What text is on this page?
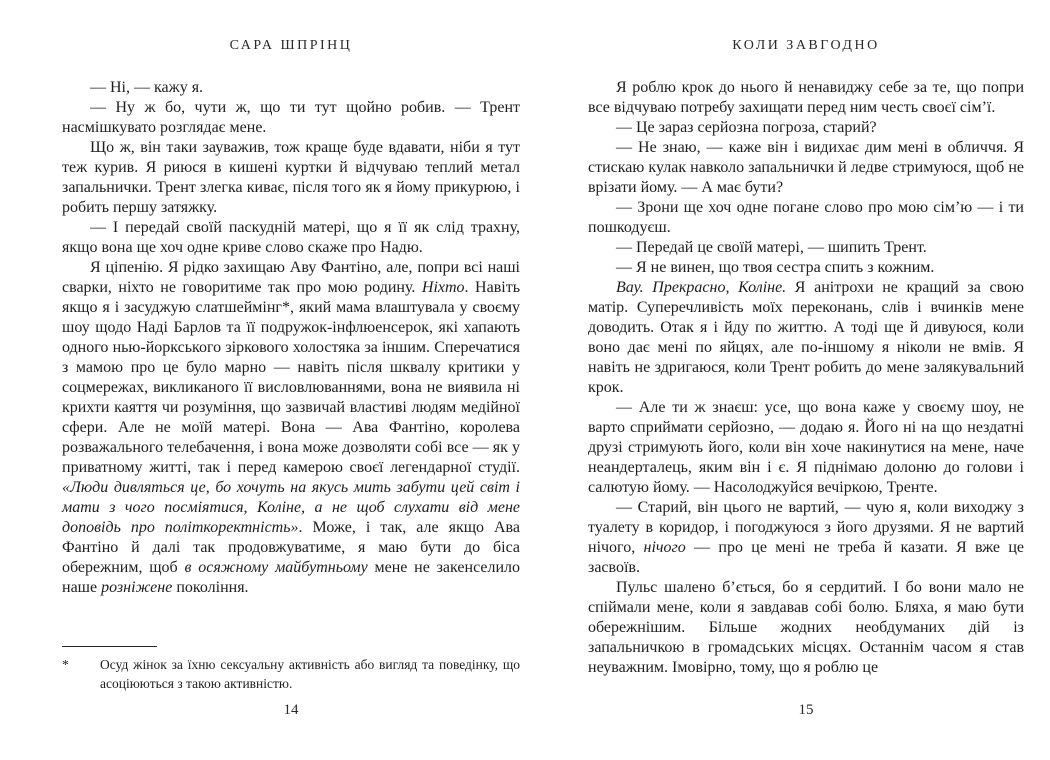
САРА ШПРІНЦ

— Ні, — кажу я.

— Ну ж бо, чути ж, що ти тут щойно робив. — Трент насмішкувато розглядає мене.

Що ж, він таки зауважив, тож краще буде вдавати, ніби я тут теж курив. Я риюся в кишені куртки й відчуваю теплий метал запальнички. Трент злегка киває, після того як я йому прикурюю, і робить першу затяжку.

— І передай своїй паскудній матері, що я її як слід трахну, якщо вона ще хоч одне криве слово скаже про Надю.

Я ціпенію. Я рідко захищаю Аву Фантіно, але, попри всі наші сварки, ніхто не говоритиме так про мою родину. Ніхто. Навіть якщо я і засуджую слатшеймінг*, який мама влаштувала у своєму шоу щодо Наді Барлов та її подружок-інфлюенсерок, які хапають одного нью-йоркського зіркового холостяка за іншим. Сперечатися з мамою про це було марно — навіть після шквалу критики у соцмережах, викликаного її висловлюваннями, вона не виявила ні крихти каяття чи розуміння, що зазвичай властиві людям медійної сфери. Але не моїй матері. Вона — Ава Фантіно, королева розважального телебачення, і вона може дозволяти собі все — як у приватному житті, так і перед камерою своєї легендарної студії. «Люди дивляться це, бо хочуть на якусь мить забути цей світ і мати з чого посміятися, Коліне, а не щоб слухати від мене доповідь про політкоректність». Може, і так, але якщо Ава Фантіно й далі так продовжуватиме, я маю бути до біса обережним, щоб в осяжному майбутньому мене не закенселило наше розніжене покоління.

*	Осуд жінок за їхню сексуальну активність або вигляд та поведінку, що асоціюються з такою активністю.
14
КОЛИ ЗАВГОДНО

Я роблю крок до нього й ненавиджу себе за те, що попри все відчуваю потребу захищати перед ним честь своєї сім’ї.

— Це зараз серйозна погроза, старий?

— Не знаю, — каже він і видихає дим мені в обличчя. Я стискаю кулак навколо запальнички й ледве стримуюся, щоб не врізати йому. — А має бути?

— Зрони ще хоч одне погане слово про мою сім’ю — і ти пошкодуєш.

— Передай це своїй матері, — шипить Трент.

— Я не винен, що твоя сестра спить з кожним.

Вау. Прекрасно, Коліне. Я анітрохи не кращий за свою матір. Суперечливість моїх переконань, слів і вчинків мене доводить. Отак я і йду по життю. А тоді ще й дивуюся, коли воно дає мені по яйцях, але по-іншому я ніколи не вмів. Я навіть не здригаюся, коли Трент робить до мене залякувальний крок.

— Але ти ж знаєш: усе, що вона каже у своєму шоу, не варто сприймати серйозно, — додаю я. Його ні на що нездатні друзі стримують його, коли він хоче накинутися на мене, наче неандерталець, яким він і є. Я піднімаю долоню до голови і салютую йому. — Насолоджуйся вечіркою, Тренте.

— Старий, він цього не вартий, — чую я, коли виходжу з туалету в коридор, і погоджуюся з його друзями. Я не вартий нічого, нічого — про це мені не треба й казати. Я вже це засвоїв.

Пульс шалено б’ється, бо я сердитий. І бо вони мало не спіймали мене, коли я завдавав собі болю. Бляха, я маю бути обережнішим. Більше жодних необдуманих дій із запальничкою в громадських місцях. Останнім часом я став неуважним. Імовірно, тому, що я роблю це

15
